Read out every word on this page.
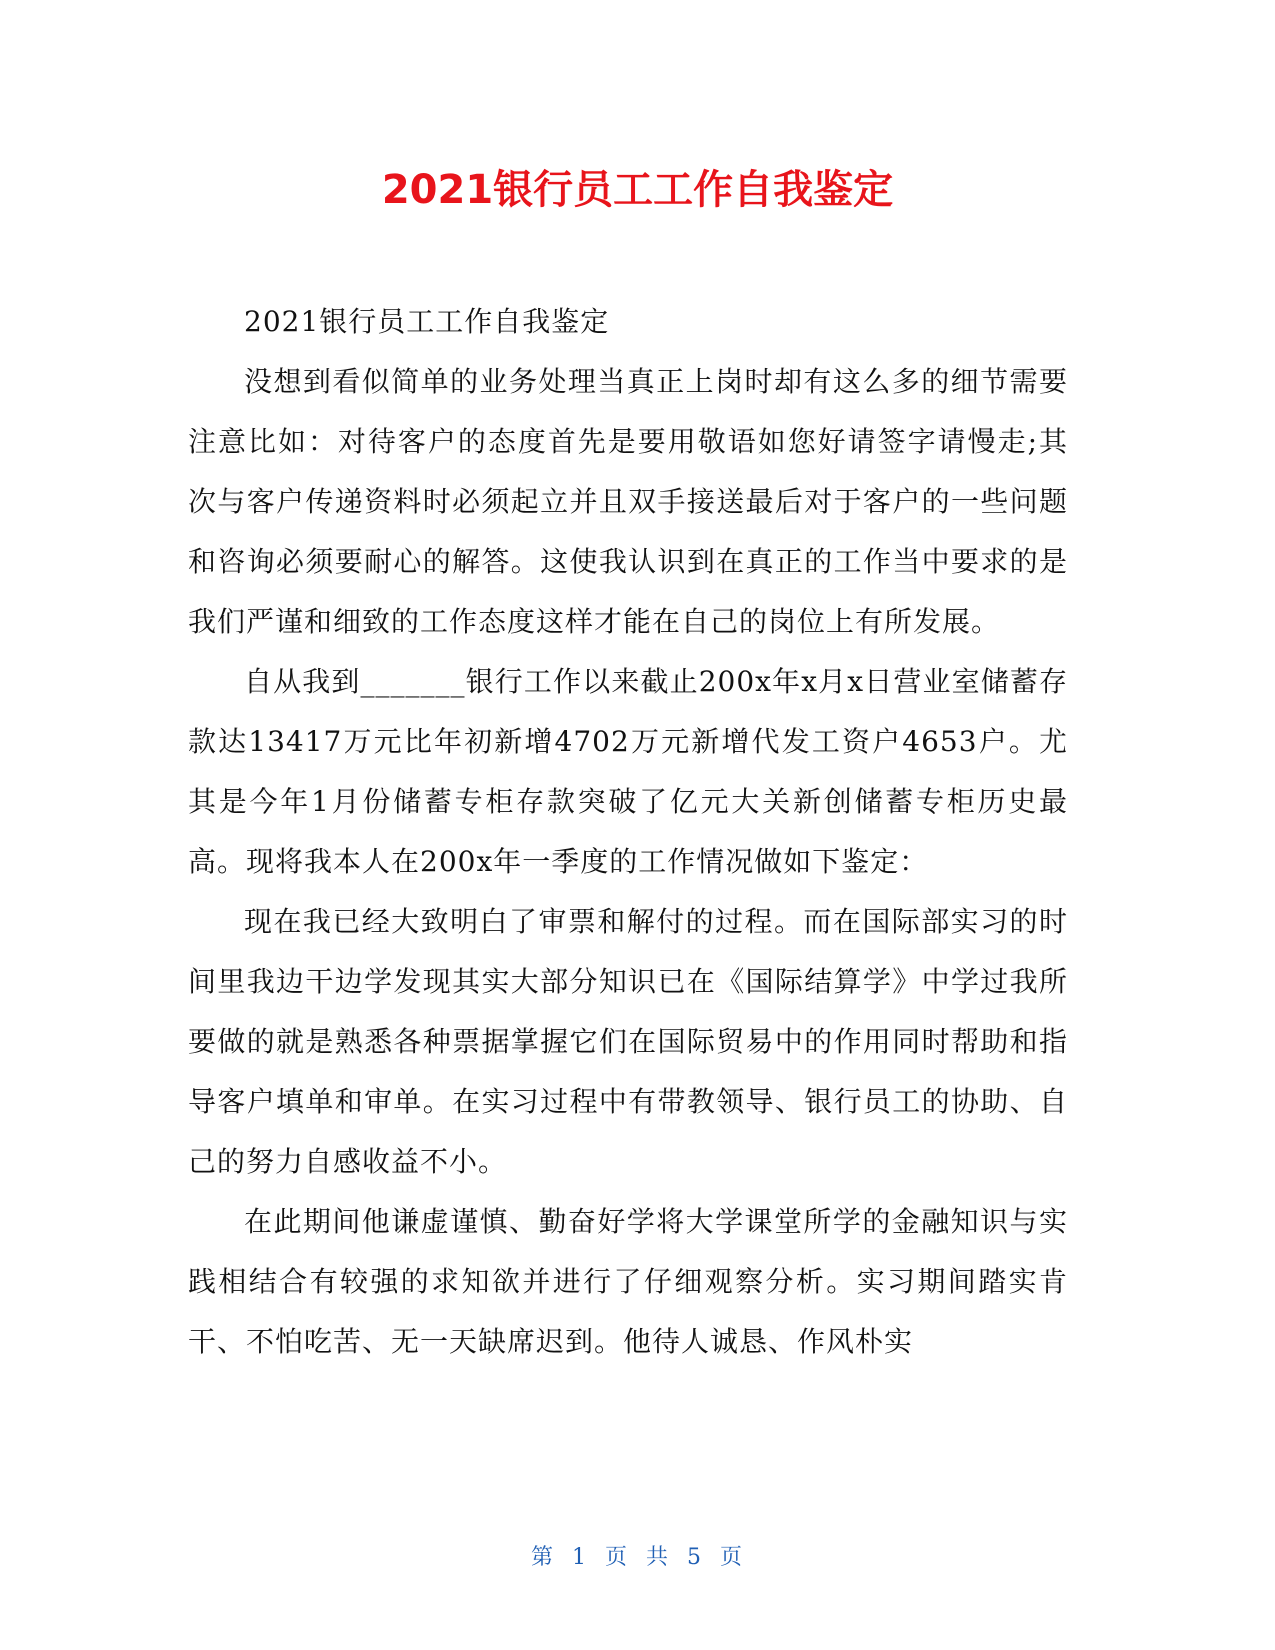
2021银行员工工作自我鉴定

2021银行员工工作自我鉴定

没想到看似简单的业务处理当真正上岗时却有这么多的细节需要注意比如：对待客户的态度首先是要用敬语如您好请签字请慢走;其次与客户传递资料时必须起立并且双手接送最后对于客户的一些问题和咨询必须要耐心的解答。这使我认识到在真正的工作当中要求的是我们严谨和细致的工作态度这样才能在自己的岗位上有所发展。

自从我到_______银行工作以来截止200x年x月x日营业室储蓄存款达13417万元比年初新增4702万元新增代发工资户4653户。尤其是今年1月份储蓄专柜存款突破了亿元大关新创储蓄专柜历史最高。现将我本人在200x年一季度的工作情况做如下鉴定：

现在我已经大致明白了审票和解付的过程。而在国际部实习的时间里我边干边学发现其实大部分知识已在《国际结算学》中学过我所要做的就是熟悉各种票据掌握它们在国际贸易中的作用同时帮助和指导客户填单和审单。在实习过程中有带教领导、银行员工的协助、自己的努力自感收益不小。

在此期间他谦虚谨慎、勤奋好学将大学课堂所学的金融知识与实践相结合有较强的求知欲并进行了仔细观察分析。实习期间踏实肯干、不怕吃苦、无一天缺席迟到。他待人诚恳、作风朴实

第 1 页 共 5 页
